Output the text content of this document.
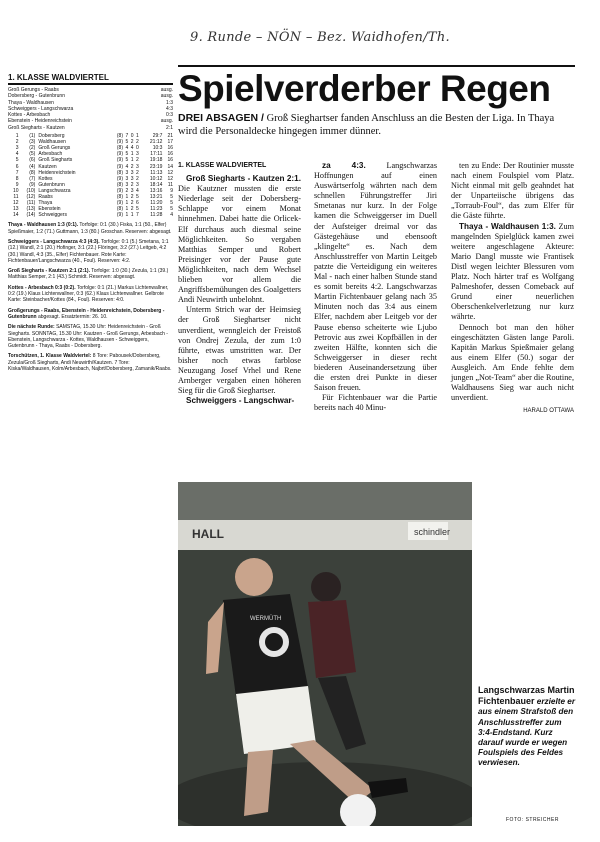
9. Runde – NÖN – Bez. Waidhofen/Th.
1. KLASSE WALDVIERTEL
Groß Gerungs - Raabs	ausg.
Dobersberg - Gutenbrunn	ausg.
Thaya - Waldhausen	1:3
Schweiggers - Langschwarza	4:3
Kottes - Arbesbach	0:3
Ebenstein - Heidenreichstein	ausg.
Groß Siegharts - Kautzen	2:1
1	(1)	Dobersberg	(8)	7	0	1	29:7	21
2	(3)	Waldhausen	(9)	5	2	2	21:12	17
3	(2)	Groß Gerungs	(8)	4	4	0	10:3	16
4	(5)	Arbesbach	(9)	5	1	3	17:11	16
5	(6)	Groß Siegharts	(9)	5	1	2	19:18	16
6	(4)	Kautzen	(9)	4	2	3	23:19	14
7	(8)	Heidenreichstein	(8)	3	3	2	11:13	12
8	(7)	Kottes	(9)	3	3	2	10:12	12
9	(9)	Gutenbrunn	(8)	3	2	3	18:14	11
10	(10)	Langschwarza	(9)	2	3	4	13:16	9
11	(12)	Raabs	(8)	1	2	5	13:21	5
12	(11)	Thaya	(9)	1	2	6	11:20	5
13	(13)	Ebenstein	(8)	1	2	5	11:23	5
14	(14)	Schweiggers	(9)	1	1	7	11:28	4
Thaya - Waldhausen 1:3 (0:1). Torfolge: 0:1 (30.) Fiska, 1:1 (50., Elfer) Spießmaier, 1:2 (71.) Guttmann, 1:3 (80.) Groschan. Reserven: abgesagt.
Schweiggers - Langschwarza 4:3 (4:3). Torfolge: 0:1 (5.) Smetana, 1:1 (12.) Wandl, 2:1 (20.) Hofinger, 3:1 (22.) Flöringer, 3:2 (27.) Leitgeb, 4:2 (30.) Wandl, 4:3 (35., Elfer) Fichtenbauer. Rote Karte: Fichtenbauer/Langschwarza (40., Foul). Reserven: 4:2.
Groß Siegharts - Kautzen 2:1 (2:1). Torfolge: 1:0 (30.) Zezula, 1:1 (39.) Matthias Semper, 2:1 (43.) Schmidt. Reserven: abgesagt.
Kottes - Arbesbach 0:3 (0:2). Torfolge: 0:1 (21.) Markus Lichtenwallner, 0:2 (19.) Klaus Lichtenwallner, 0:3 (62.) Klaus Lichtenwallner. Gelbrote Karte: Steinbacher/Kottes (84., Foul). Reserven: 4:0.
Großgerungs - Raabs, Ebenstein - Heidenreichstein, Dobersberg - Gutenbrunn abgesagt. Ersatztermin: 26. 10.
Die nächste Runde: SAMSTAG, 15.30 Uhr: Heidenreichstein - Groß Siegharts. SONNTAG, 15.30 Uhr: Kautzen - Groß Gerungs, Arbesbach - Ebenstein, Langschwarza - Kottes, Waldhausen - Schweiggers, Gutenbrunn - Thaya, Raabs - Dobersberg.
Torschützen, 1. Klasse Waldviertel: 8 Tore: Pabousek/Dobersberg, Zezula/Groß Siegharts, Andi Neuwirth/Kautzen. 7 Tore: Kiska/Waldhausen, Kolm/Arbesbach, Najbrt/Dobersberg, Zamanik/Raabs.
Spielverderber Regen
DREI ABSAGEN / Groß Sieghartser fanden Anschluss an die Besten der Liga. In Thaya wird die Personaldecke hingegen immer dünner.
1. KLASSE WALDVIERTEL

Groß Siegharts - Kautzen 2:1. Die Kautzner mussten die erste Niederlage seit der Dobersberg-Schlappe vor einem Monat hinnehmen. Dabei hatte die Orlicek-Elf durchaus auch diesmal seine Möglichkeiten. So vergaben Matthias Semper und Robert Preisinger vor der Pause gute Möglichkeiten, nach dem Wechsel blieben vor allem die Angriffsbemühungen des Goalgetters Andi Neuwirth unbelohnt.

Unterm Strich war der Heimsieg der Groß Sieghartser nicht unverdient, wenngleich der Freistoß von Ondrej Zezula, der zum 1:0 führte, etwas umstritten war. Der bisher noch etwas farblose Neuzugang Josef Vrhel und Rene Arnberger vergaben einen höheren Sieg für die Groß Sieghartser.

Schweiggers - Langschwar-

za 4:3. Langschwarzas Hoffnungen auf einen Auswärtserfolg währten nach dem schnellen Führungstreffer Jiri Smetanas nur kurz. In der Folge kamen die Schweiggerser im Duell der Aufsteiger dreimal vor das Gästegehäuse und ebensooft „klingelte“ es. Nach dem Anschlusstreffer von Martin Leitgeb patzte die Verteidigung ein weiteres Mal - nach einer halben Stunde stand es somit bereits 4:2. Langschwarzas Martin Fichtenbauer gelang nach 35 Minuten noch das 3:4 aus einem Elfer, nachdem aber Leitgeb vor der Pause ebenso scheiterte wie Ljubo Petrovic aus zwei Kopfbällen in der zweiten Hälfte, konnten sich die Schweiggerser in dieser recht biederen Auseinandersetzung über die ersten drei Punkte in dieser Saison freuen.

Für Fichtenbauer war die Partie bereits nach 40 Minu-

ten zu Ende: Der Routinier musste nach einem Foulspiel vom Platz. Nicht einmal mit gelb geahndet hat der Unparteiische übrigens das „Torraub-Foul“, das zum Elfer für die Gäste führte.

Thaya - Waldhausen 1:3. Zum mangelnden Spielglück kamen zwei weitere angeschlagene Akteure: Mario Dangl musste wie Frantisek Distl wegen leichter Blessuren vom Platz. Noch härter traf es Wolfgang Palmeshofer, dessen Comeback auf Grund einer neuerlichen Oberschenkelverletzung nur kurz währte.

Dennoch bot man den höher eingeschätzten Gästen lange Paroli. Kapitän Markus Spießmaier gelang aus einem Elfer (50.) sogar der Ausgleich. Am Ende fehlte dem jungen „Not-Team“ aber die Routine, Waldhausens Sieg war auch nicht unverdient.

HARALD OTTAWA
schindler
HALL
WERMÜTH
Langschwarzas Martin Fichtenbauer erzielte er aus einem Strafstoß den Anschlusstreffer zum 3:4-Endstand. Kurz darauf wurde er wegen Foulspiels des Feldes verwiesen.
FOTO: STREICHER
